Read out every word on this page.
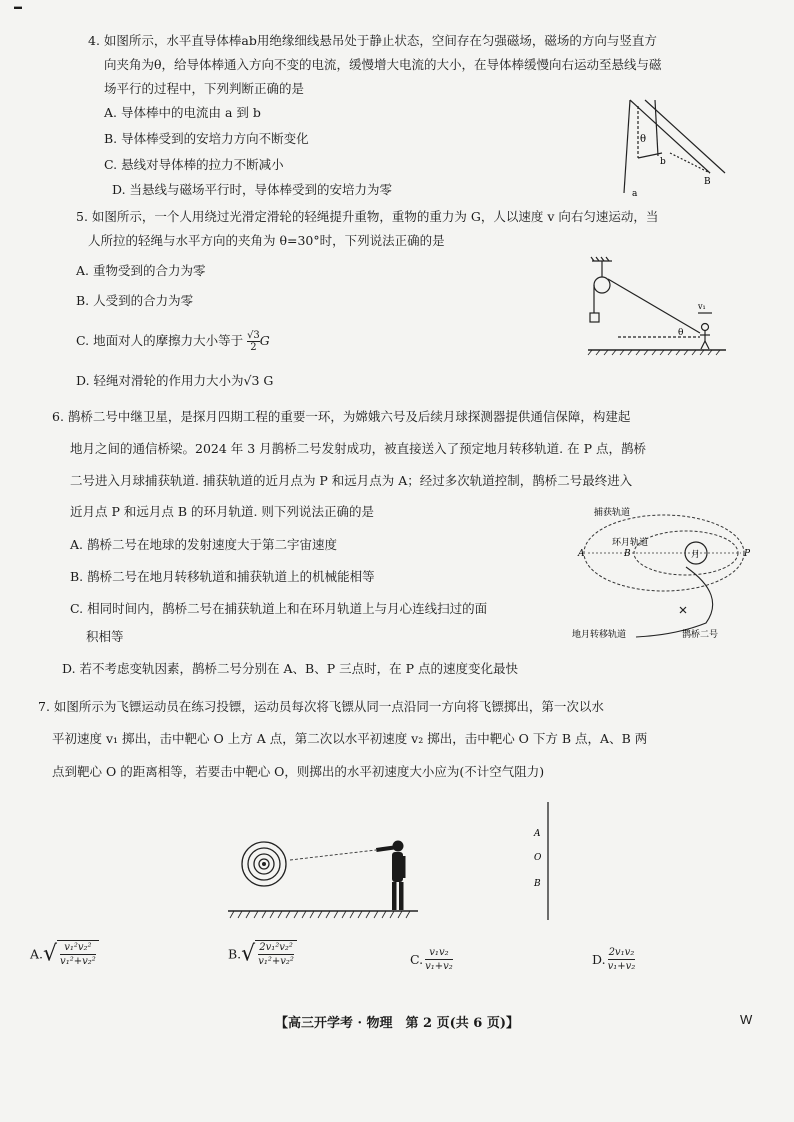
▬
4. 如图所示，水平直导体棒ab用绝缘细线悬吊处于静止状态，空间存在匀强磁场，磁场的方向与竖直方
向夹角为θ，给导体棒通入方向不变的电流，缓慢增大电流的大小，在导体棒缓慢向右运动至悬线与磁
场平行的过程中，下列判断正确的是
A. 导体棒中的电流由 a 到 b
B. 导体棒受到的安培力方向不断变化
C. 悬线对导体棒的拉力不断减小
D. 当悬线与磁场平行时，导体棒受到的安培力为零
θ
a
b
B
5. 如图所示，一个人用绕过光滑定滑轮的轻绳提升重物，重物的重力为 G，人以速度 v 向右匀速运动，当
人所拉的轻绳与水平方向的夹角为 θ=30°时，下列说法正确的是
A. 重物受到的合力为零
B. 人受到的合力为零
C. 地面对人的摩擦力大小等于 $\frac{√3}{2}$ G
D. 轻绳对滑轮的作用力大小为√3 G
v₁
θ
6. 鹊桥二号中继卫星，是探月四期工程的重要一环，为嫦娥六号及后续月球探测器提供通信保障，构建起
地月之间的通信桥梁。2024 年 3 月鹊桥二号发射成功，被直接送入了预定地月转移轨道. 在 P 点，鹊桥
二号进入月球捕获轨道. 捕获轨道的近月点为 P 和远月点为 A；经过多次轨道控制，鹊桥二号最终进入
近月点 P 和远月点 B 的环月轨道. 则下列说法正确的是
A. 鹊桥二号在地球的发射速度大于第二宇宙速度
B. 鹊桥二号在地月转移轨道和捕获轨道上的机械能相等
C. 相同时间内，鹊桥二号在捕获轨道上和在环月轨道上与月心连线扫过的面
积相等
D. 若不考虑变轨因素，鹊桥二号分别在 A、B、P 三点时，在 P 点的速度变化最快
捕获轨道
环月轨道
月
A	B	P
地月转移轨道	鹊桥二号
7. 如图所示为飞镖运动员在练习投镖，运动员每次将飞镖从同一点沿同一方向将飞镖掷出，第一次以水
平初速度 v₁ 掷出，击中靶心 O 上方 A 点，第二次以水平初速度 v₂ 掷出，击中靶心 O 下方 B 点，A、B 两
点到靶心 O 的距离相等，若要击中靶心 O，则掷出的水平初速度大小应为(不计空气阻力)
A
O
B
$A.√ \frac{\text{v₁²v₂²}}{\text{v₁²+v₂²}}$	$B.√ \frac{\text{2v₁²v₂²}}{\text{v₁²+v₂²}}$	C. $\frac{\text{v₁v₂}}{\text{v₁+v₂}}$	D. $\frac{\text{2v₁v₂}}{\text{v₁+v₂}}$
【高三开学考 · 物理　第 2 页(共 6 页)】	W
